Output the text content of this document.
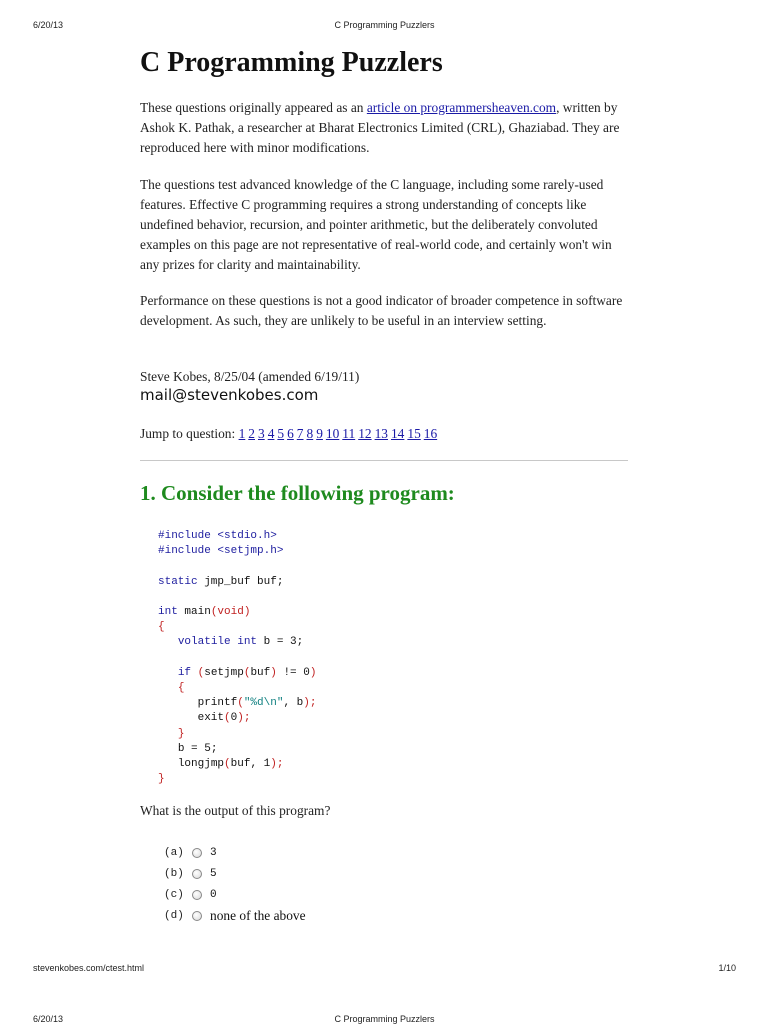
6/20/13	C Programming Puzzlers
C Programming Puzzlers

These questions originally appeared as an article on programmersheaven.com, written by Ashok K. Pathak, a researcher at Bharat Electronics Limited (CRL), Ghaziabad. They are reproduced here with minor modifications.

The questions test advanced knowledge of the C language, including some rarely-used features. Effective C programming requires a strong understanding of concepts like undefined behavior, recursion, and pointer arithmetic, but the deliberately convoluted examples on this page are not representative of real-world code, and certainly won't win any prizes for clarity and maintainability.

Performance on these questions is not a good indicator of broader competence in software development. As such, they are unlikely to be useful in an interview setting.

Steve Kobes, 8/25/04 (amended 6/19/11)

mail@stevenkobes.com
Jump to question: 1 2 3 4 5 6 7 8 9 10 11 12 13 14 15 16
1. Consider the following program:
#include <stdio.h>
#include <setjmp.h>

static jmp_buf buf;

int main(void)
{
volatile int b = 3;

if (setjmp(buf) != 0)
{
printf("%d\n", b);
exit(0);
}
b = 5;
longjmp(buf, 1);
}
What is the output of this program?
(a)	3
(b)	5
(c)	0
(d)	none of the above
stevenkobes.com/ctest.html	1/10
6/20/13	C Programming Puzzlers
